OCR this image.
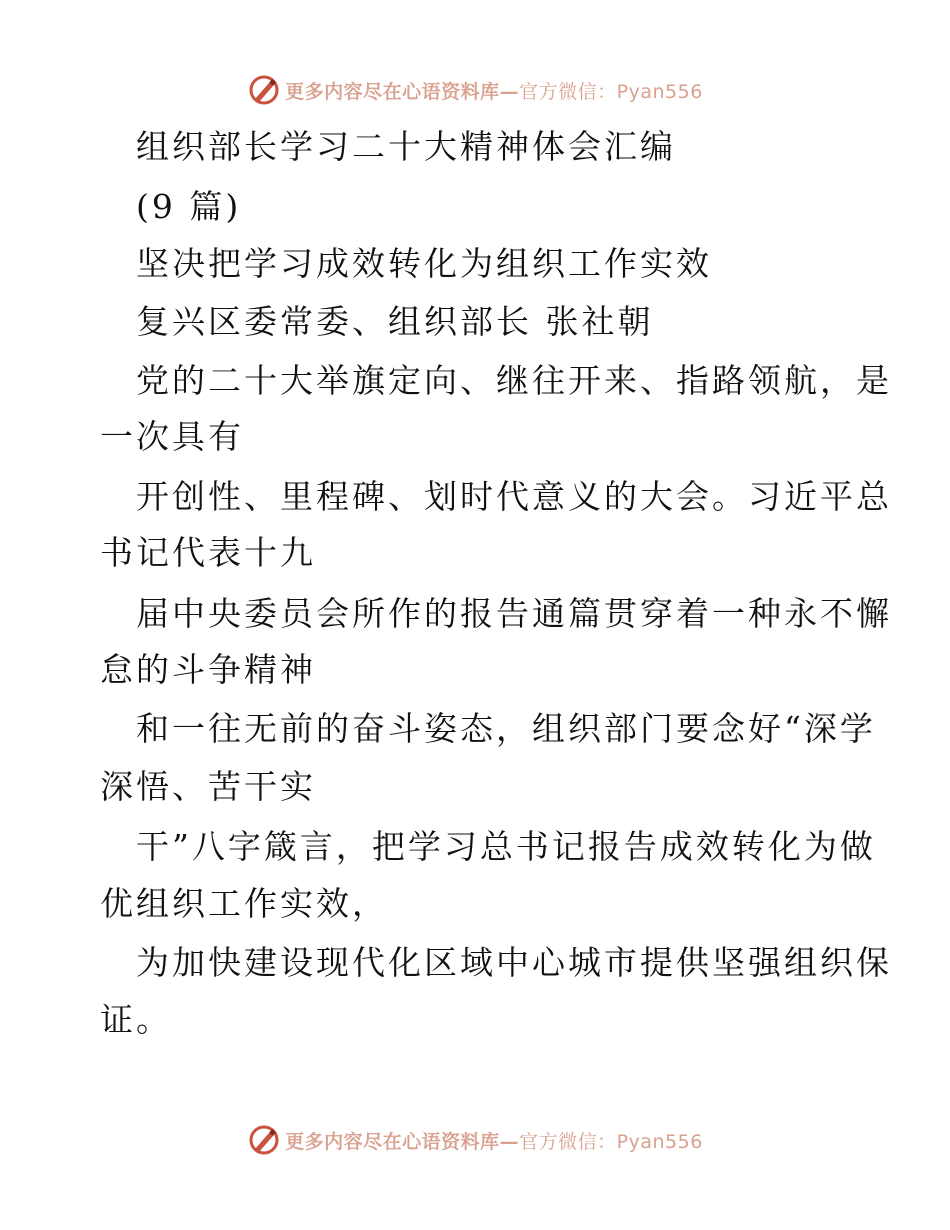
更多内容尽在心语资料库—官方微信：Pyan556
组织部长学习二十大精神体会汇编
(9 篇)
坚决把学习成效转化为组织工作实效
复兴区委常委、组织部长 张社朝
党的二十大举旗定向、继往开来、指路领航，是
一次具有
开创性、里程碑、划时代意义的大会。习近平总
书记代表十九
届中央委员会所作的报告通篇贯穿着一种永不懈
怠的斗争精神
和一往无前的奋斗姿态，组织部门要念好“深学
深悟、苦干实
干”八字箴言，把学习总书记报告成效转化为做
优组织工作实效，
为加快建设现代化区域中心城市提供坚强组织保
证。
更多内容尽在心语资料库—官方微信：Pyan556
